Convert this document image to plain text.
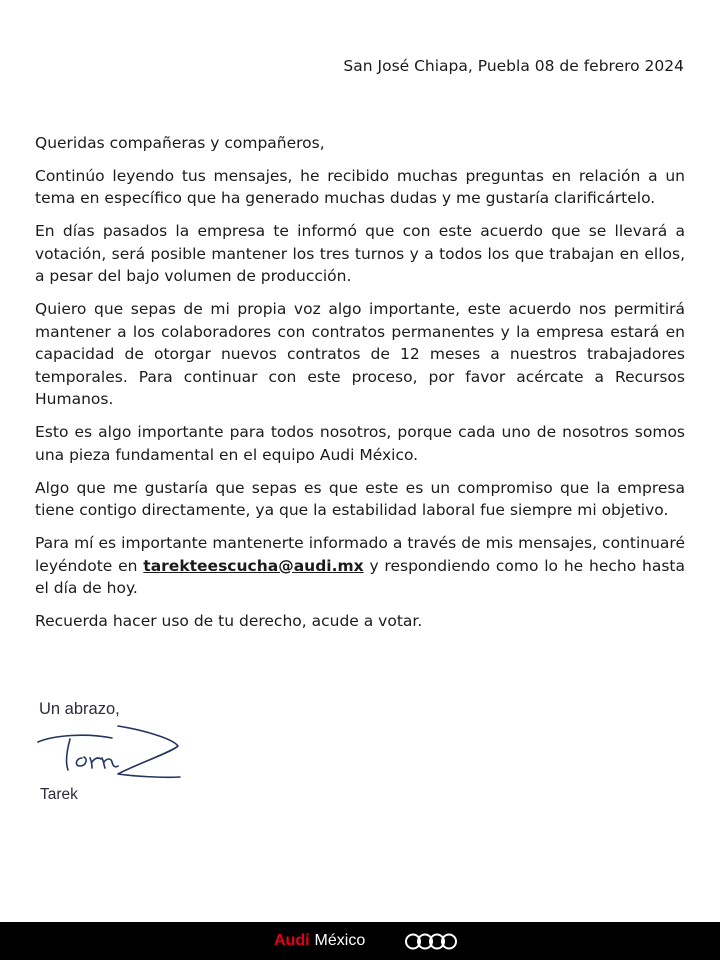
San José Chiapa, Puebla 08 de febrero 2024

Queridas compañeras y compañeros,

Continúo leyendo tus mensajes, he recibido muchas preguntas en relación a un tema en específico que ha generado muchas dudas y me gustaría clarificártelo.

En días pasados la empresa te informó que con este acuerdo que se llevará a votación, será posible mantener los tres turnos y a todos los que trabajan en ellos, a pesar del bajo volumen de producción.

Quiero que sepas de mi propia voz algo importante, este acuerdo nos permitirá mantener a los colaboradores con contratos permanentes y la empresa estará en capacidad de otorgar nuevos contratos de 12 meses a nuestros trabajadores temporales. Para continuar con este proceso, por favor acércate a Recursos Humanos.

Esto es algo importante para todos nosotros, porque cada uno de nosotros somos una pieza fundamental en el equipo Audi México.

Algo que me gustaría que sepas es que este es un compromiso que la empresa tiene contigo directamente, ya que la estabilidad laboral fue siempre mi objetivo.

Para mí es importante mantenerte informado a través de mis mensajes, continuaré leyéndote en tarekteescucha@audi.mx y respondiendo como lo he hecho hasta el día de hoy.

Recuerda hacer uso de tu derecho, acude a votar.

Un abrazo,
Tarek
Audi México
